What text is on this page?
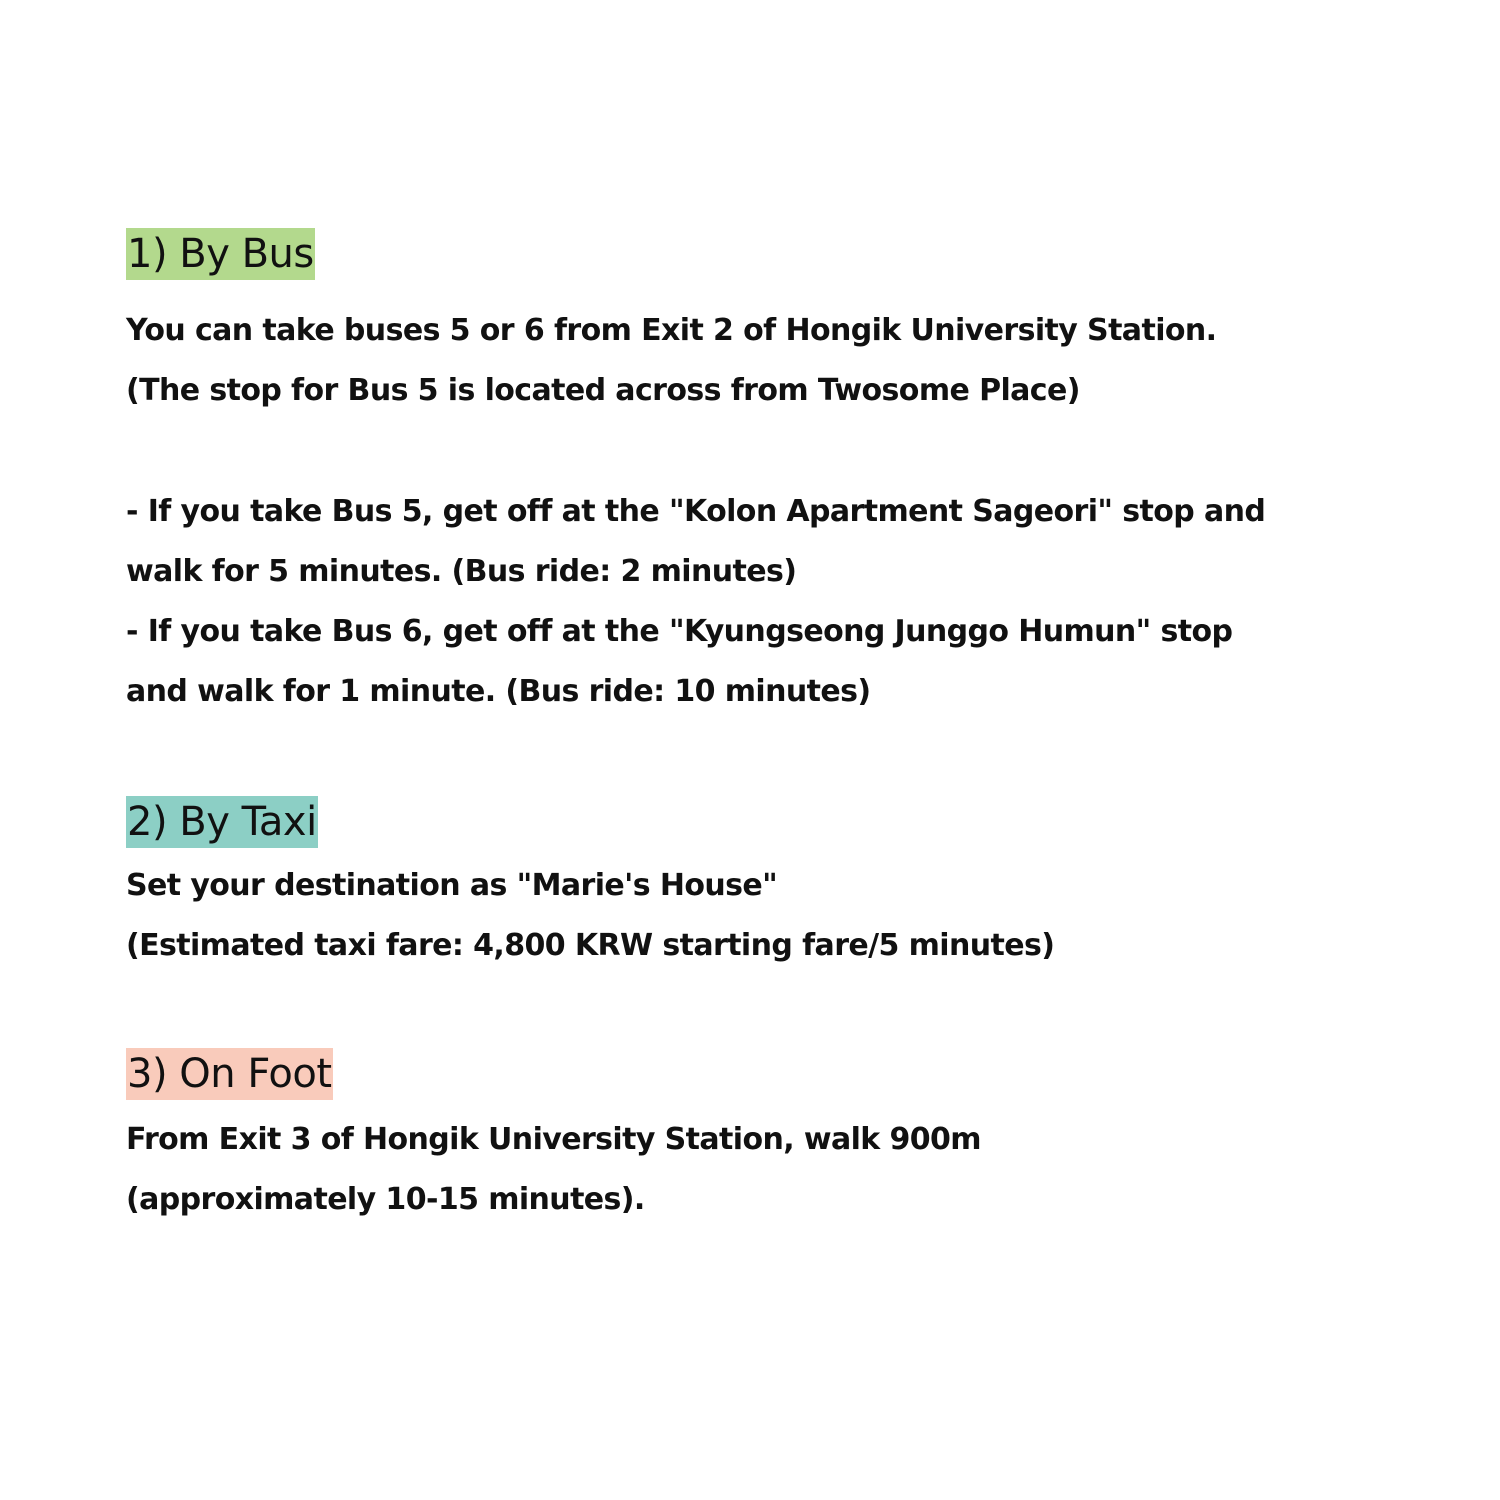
1) By Bus

You can take buses 5 or 6 from Exit 2 of Hongik University Station.

(The stop for Bus 5 is located across from Twosome Place)

- If you take Bus 5, get off at the "Kolon Apartment Sageori" stop and

walk for 5 minutes. (Bus ride: 2 minutes)

- If you take Bus 6, get off at the "Kyungseong Junggo Humun" stop

and walk for 1 minute. (Bus ride: 10 minutes)

2) By Taxi

Set your destination as "Marie's House"

(Estimated taxi fare: 4,800 KRW starting fare/5 minutes)

3) On Foot

From Exit 3 of Hongik University Station, walk 900m

(approximately 10-15 minutes).
